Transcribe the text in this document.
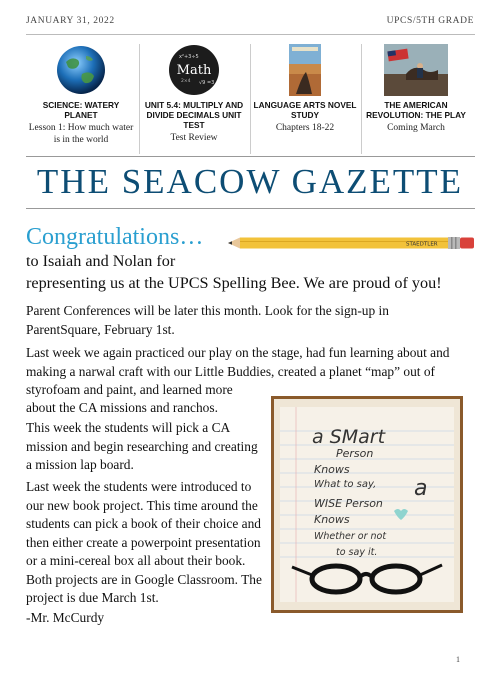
JANUARY 31, 2022	UPCS/5TH GRADE
SCIENCE: WATERY PLANET
Lesson 1: How much water is in the world
x²+3÷5
√9 =3
2×4
Math
UNIT 5.4: MULTIPLY AND DIVIDE DECIMALS UNIT TEST
Test Review
LANGUAGE ARTS NOVEL STUDY
Chapters 18-22
THE AMERICAN REVOLUTION: THE PLAY
Coming March
THE SEACOW GAZETTE
Congratulations…	STAEDTLER
to Isaiah and Nolan for
representing us at the UPCS Spelling Bee. We are proud of you!
Parent Conferences will be later this month. Look for the sign-up in ParentSquare, February 1st.
Last week we again practiced our play on the stage, had fun learning about and making a narwal craft with our Little Buddies, created a planet “map” out of styrofoam and paint, and learned more
about the CA missions and ranchos.
This week the students will pick a CA mission and begin researching and creating a mission lap board.
Last week the students were introduced to our new book project. This time around the students can pick a book of their choice and then either create a powerpoint presentation or a mini-cereal box all about their book. Both projects are in Google Classroom. The project is due March 1st.
-Mr. McCurdy
a SMart
Person
Knows
What to say, a
WISE Person
Knows
Whether or not
to say it.
1
